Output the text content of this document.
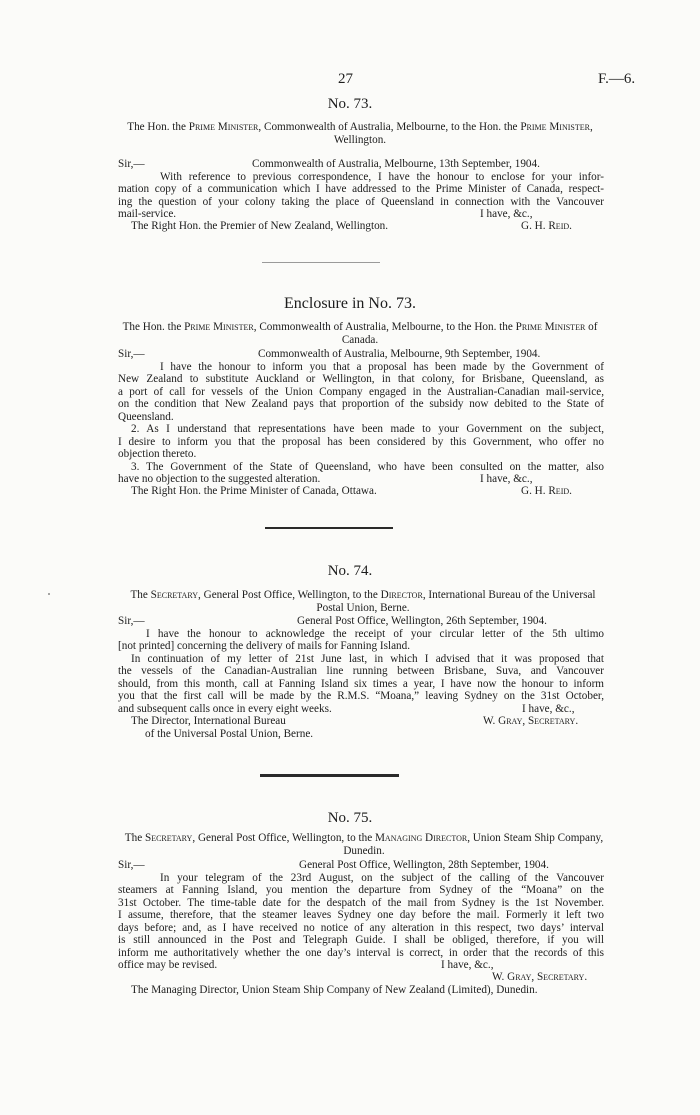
27	F.—6.
No. 73.
The Hon. the Prime Minister, Commonwealth of Australia, Melbourne, to the Hon. the Prime Minister, Wellington.
Sir,—	Commonwealth of Australia, Melbourne, 13th September, 1904.
With reference to previous correspondence, I have the honour to enclose for your infor-
mation copy of a communication which I have addressed to the Prime Minister of Canada, respect-
ing the question of your colony taking the place of Queensland in connection with the Vancouver
mail-service.	I have, &c.,
The Right Hon. the Premier of New Zealand, Wellington.	G. H. Reid.
Enclosure in No. 73.
The Hon. the Prime Minister, Commonwealth of Australia, Melbourne, to the Hon. the Prime Minister of Canada.
Sir,—	Commonwealth of Australia, Melbourne, 9th September, 1904.
I have the honour to inform you that a proposal has been made by the Government of
New Zealand to substitute Auckland or Wellington, in that colony, for Brisbane, Queensland, as
a port of call for vessels of the Union Company engaged in the Australian-Canadian mail-service,
on the condition that New Zealand pays that proportion of the subsidy now debited to the State of
Queensland.
2. As I understand that representations have been made to your Government on the subject,
I desire to inform you that the proposal has been considered by this Government, who offer no
objection thereto.
3. The Government of the State of Queensland, who have been consulted on the matter, also
have no objection to the suggested alteration.	I have, &c.,
The Right Hon. the Prime Minister of Canada, Ottawa.	G. H. Reid.
No. 74.
The Secretary, General Post Office, Wellington, to the Director, International Bureau of the Universal Postal Union, Berne.
Sir,—	General Post Office, Wellington, 26th September, 1904.
I have the honour to acknowledge the receipt of your circular letter of the 5th ultimo
[not printed] concerning the delivery of mails for Fanning Island.
In continuation of my letter of 21st June last, in which I advised that it was proposed that
the vessels of the Canadian-Australian line running between Brisbane, Suva, and Vancouver
should, from this month, call at Fanning Island six times a year, I have now the honour to inform
you that the first call will be made by the R.M.S. “Moana,” leaving Sydney on the 31st October,
and subsequent calls once in every eight weeks.	I have, &c.,
The Director, International Bureau	W. Gray, Secretary.
of the Universal Postal Union, Berne.
No. 75.
The Secretary, General Post Office, Wellington, to the Managing Director, Union Steam Ship Company, Dunedin.
Sir,—	General Post Office, Wellington, 28th September, 1904.
In your telegram of the 23rd August, on the subject of the calling of the Vancouver
steamers at Fanning Island, you mention the departure from Sydney of the “Moana” on the
31st October. The time-table date for the despatch of the mail from Sydney is the 1st November.
I assume, therefore, that the steamer leaves Sydney one day before the mail. Formerly it left two
days before; and, as I have received no notice of any alteration in this respect, two days’ interval
is still announced in the Post and Telegraph Guide. I shall be obliged, therefore, if you will
inform me authoritatively whether the one day’s interval is correct, in order that the records of this
office may be revised.	I have, &c.,
W. Gray, Secretary.
The Managing Director, Union Steam Ship Company of New Zealand (Limited), Dunedin.
